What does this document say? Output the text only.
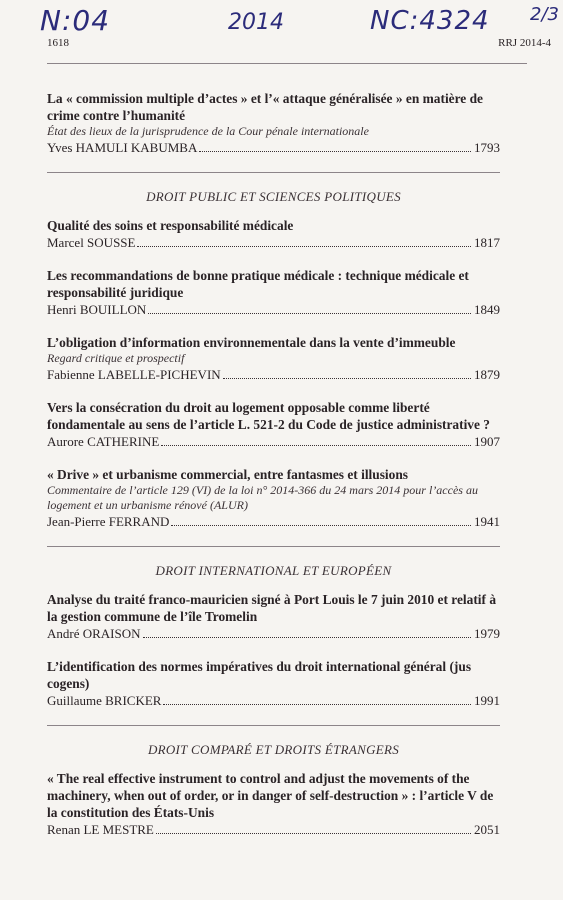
N:04	2014	NC:4324 2/3
1618	RRJ 2014-4
La « commission multiple d’actes » et l’« attaque généralisée » en matière de crime contre l’humanité
État des lieux de la jurisprudence de la Cour pénale internationale
Yves HAMULI KABUMBA	1793
DROIT PUBLIC ET SCIENCES POLITIQUES
Qualité des soins et responsabilité médicale
Marcel SOUSSE	1817
Les recommandations de bonne pratique médicale : technique médicale et responsabilité juridique
Henri BOUILLON	1849
L’obligation d’information environnementale dans la vente d’immeuble
Regard critique et prospectif
Fabienne LABELLE-PICHEVIN	1879
Vers la consécration du droit au logement opposable comme liberté fondamentale au sens de l’article L. 521-2 du Code de justice administrative ?
Aurore CATHERINE	1907
« Drive » et urbanisme commercial, entre fantasmes et illusions
Commentaire de l’article 129 (VI) de la loi n° 2014-366 du 24 mars 2014 pour l’accès au logement et un urbanisme rénové (ALUR)
Jean-Pierre FERRAND	1941
DROIT INTERNATIONAL ET EUROPÉEN
Analyse du traité franco-mauricien signé à Port Louis le 7 juin 2010 et relatif à la gestion commune de l’île Tromelin
André ORAISON	1979
L’identification des normes impératives du droit international général (jus cogens)
Guillaume BRICKER	1991
DROIT COMPARÉ ET DROITS ÉTRANGERS
« The real effective instrument to control and adjust the movements of the machinery, when out of order, or in danger of self-destruction » : l’article V de la constitution des États-Unis
Renan LE MESTRE	2051
